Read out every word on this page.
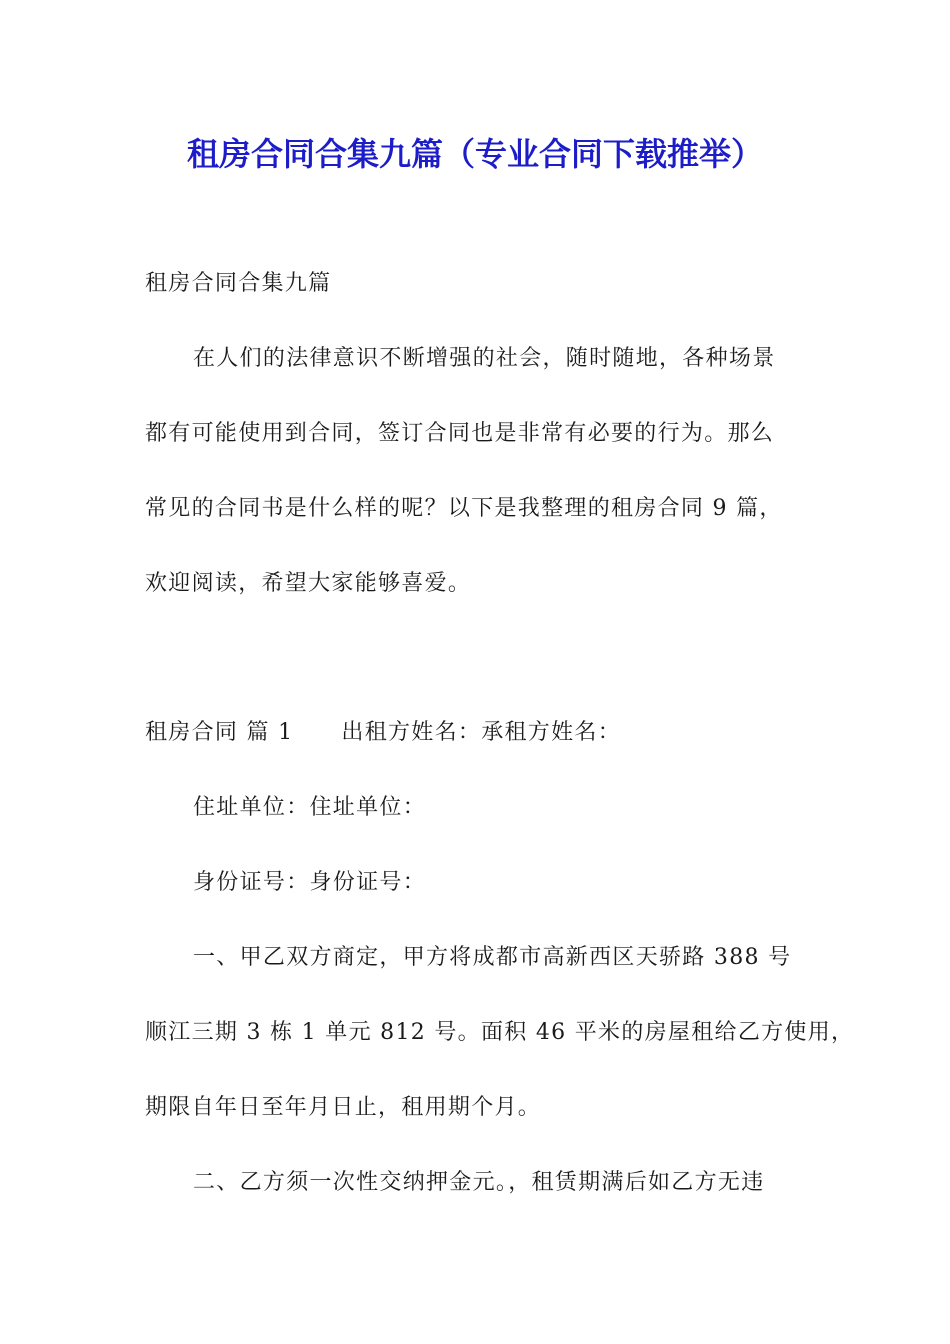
租房合同合集九篇（专业合同下载推举）
租房合同合集九篇
在人们的法律意识不断增强的社会，随时随地，各种场景
都有可能使用到合同，签订合同也是非常有必要的行为。那么
常见的合同书是什么样的呢？以下是我整理的租房合同 9 篇，
欢迎阅读，希望大家能够喜爱。
租房合同 篇 1 出租方姓名：承租方姓名：
住址单位：住址单位：
身份证号：身份证号：
一、甲乙双方商定，甲方将成都市高新西区天骄路 388 号
顺江三期 3 栋 1 单元 812 号。面积 46 平米的房屋租给乙方使用，
期限自年日至年月日止，租用期个月。
二、乙方须一次性交纳押金元。，租赁期满后如乙方无违
